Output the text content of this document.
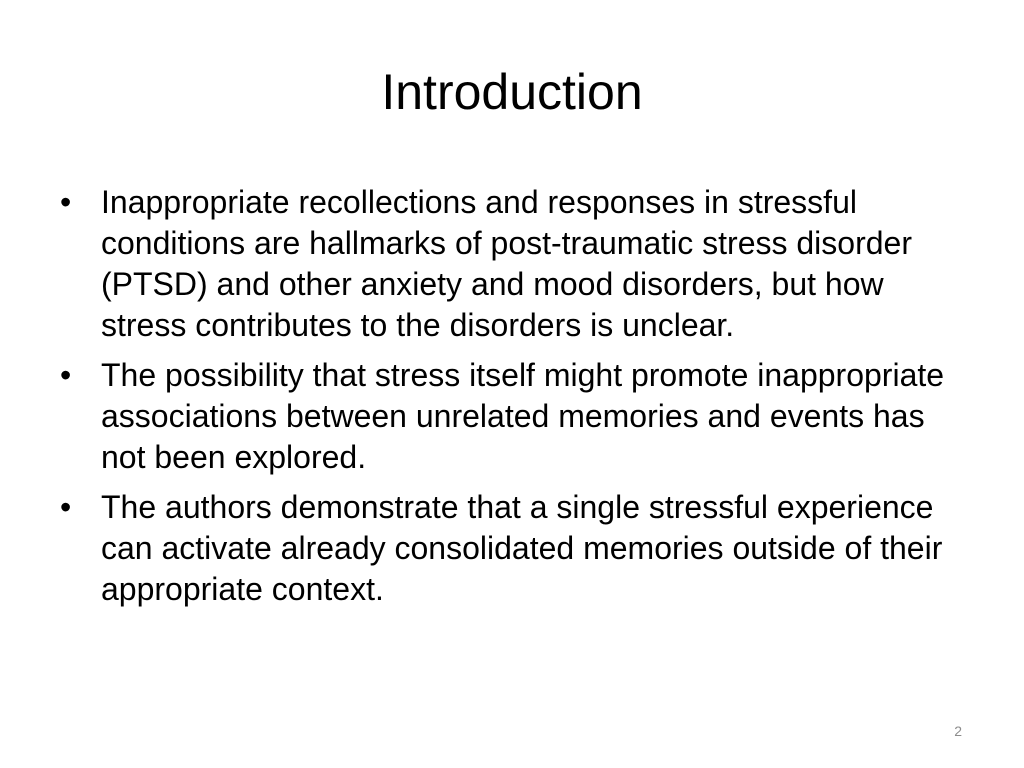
Introduction
• Inappropriate recollections and responses in stressful conditions are hallmarks of post-traumatic stress disorder (PTSD) and other anxiety and mood disorders, but how stress contributes to the disorders is unclear.
• The possibility that stress itself might promote inappropriate associations between unrelated memories and events has not been explored.
• The authors demonstrate that a single stressful experience can activate already consolidated memories outside of their appropriate context.
2
